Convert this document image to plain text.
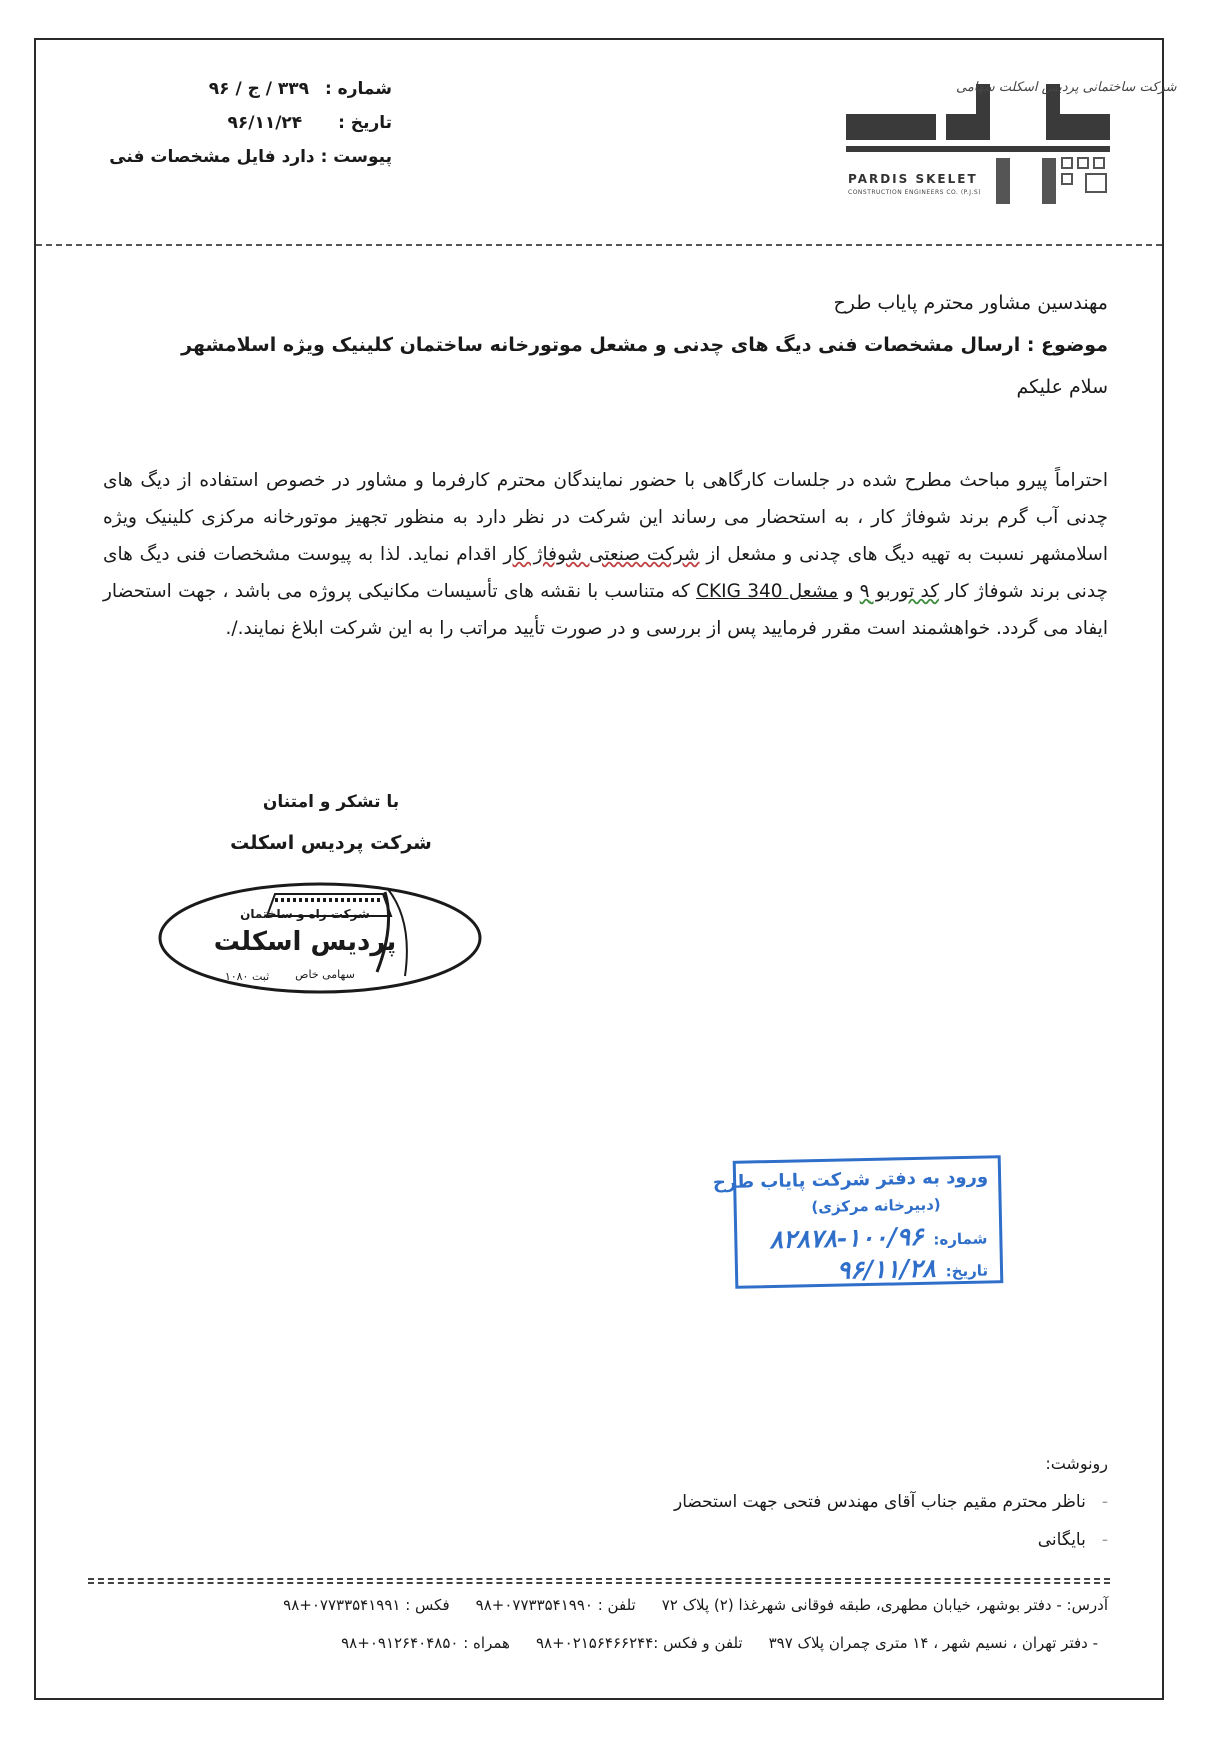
شماره : ۳۳۹ / ج / ۹۶
تاریخ : ۹۶/۱۱/۲۴
پیوست : دارد فایل مشخصات فنی
شرکت ساختمانی پردیس اسکلت سهامی
PARDIS SKELET
CONSTRUCTION ENGINEERS CO. (P.J.S)
مهندسین مشاور محترم پایاب طرح
موضوع : ارسال مشخصات فنی دیگ های چدنی و مشعل موتورخانه ساختمان کلینیک ویژه اسلامشهر
سلام علیکم
احتراماً پیرو مباحث مطرح شده در جلسات کارگاهی با حضور نمایندگان محترم کارفرما و مشاور در خصوص استفاده از دیگ های چدنی آب گرم برند شوفاژ کار ، به استحضار می رساند این شرکت در نظر دارد به منظور تجهیز موتورخانه مرکزی کلینیک ویژه اسلامشهر نسبت به تهیه دیگ های چدنی و مشعل از شرکت صنعتی شوفاژ کار اقدام نماید. لذا به پیوست مشخصات فنی دیگ های چدنی برند شوفاژ کار کد توربو ۹ و مشعل CKIG 340 که متناسب با نقشه های تأسیسات مکانیکی پروژه می باشد ، جهت استحضار ایفاد می گردد. خواهشمند است مقرر فرمایید پس از بررسی و در صورت تأیید مراتب را به این شرکت ابلاغ نمایند./.
با تشکر و امتنان
شرکت پردیس اسکلت
شرکت راه و ساختمان
پردیس اسکلت
سهامی خاص
ثبت ۱۰۸۰
ورود به دفتر شرکت پایاب طرح
(دبیرخانه مرکزی)
شماره:۱۰۰/۹۶-۸۲۸۷۸
تاریخ:۹۶/۱۱/۲۸
رونوشت:
-ناظر محترم مقیم جناب آقای مهندس فتحی جهت استحضار
-بایگانی
آدرس: - دفتر بوشهر، خیابان مطهری، طبقه فوقانی شهرغذا (۲) پلاک ۷۲تلفن : ۰۷۷۳۳۵۴۱۹۹۰+۹۸فکس : ۰۷۷۳۳۵۴۱۹۹۱+۹۸
- دفتر تهران ، نسیم شهر ، ۱۴ متری چمران پلاک ۳۹۷تلفن و فکس :۰۲۱۵۶۴۶۶۲۴۴+۹۸همراه : ۰۹۱۲۶۴۰۴۸۵۰+۹۸
